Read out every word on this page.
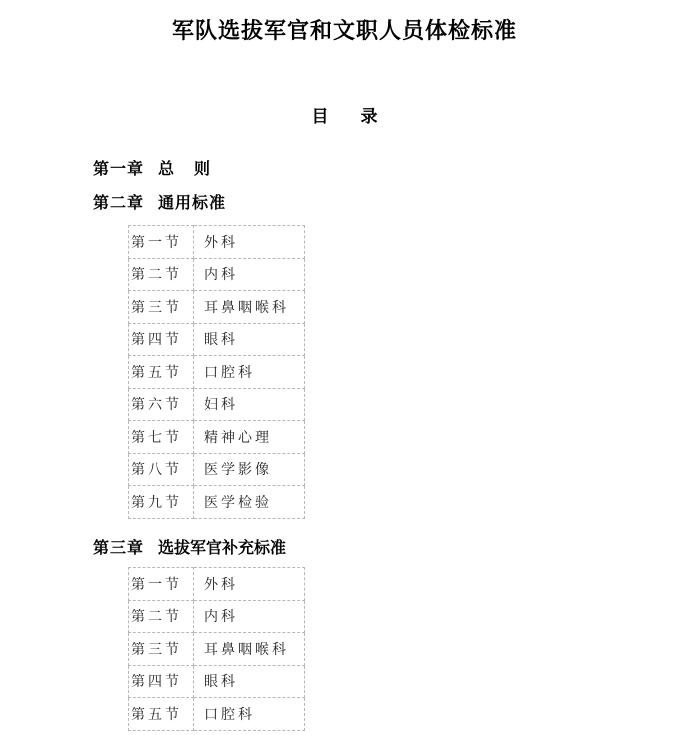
军队选拔军官和文职人员体检标准
目 录
第一章 总则
第二章 通用标准
第一节	外科
第二节	内科
第三节	耳鼻咽喉科
第四节	眼科
第五节	口腔科
第六节	妇科
第七节	精神心理
第八节	医学影像
第九节	医学检验
第三章 选拔军官补充标准
第一节	外科
第二节	内科
第三节	耳鼻咽喉科
第四节	眼科
第五节	口腔科
